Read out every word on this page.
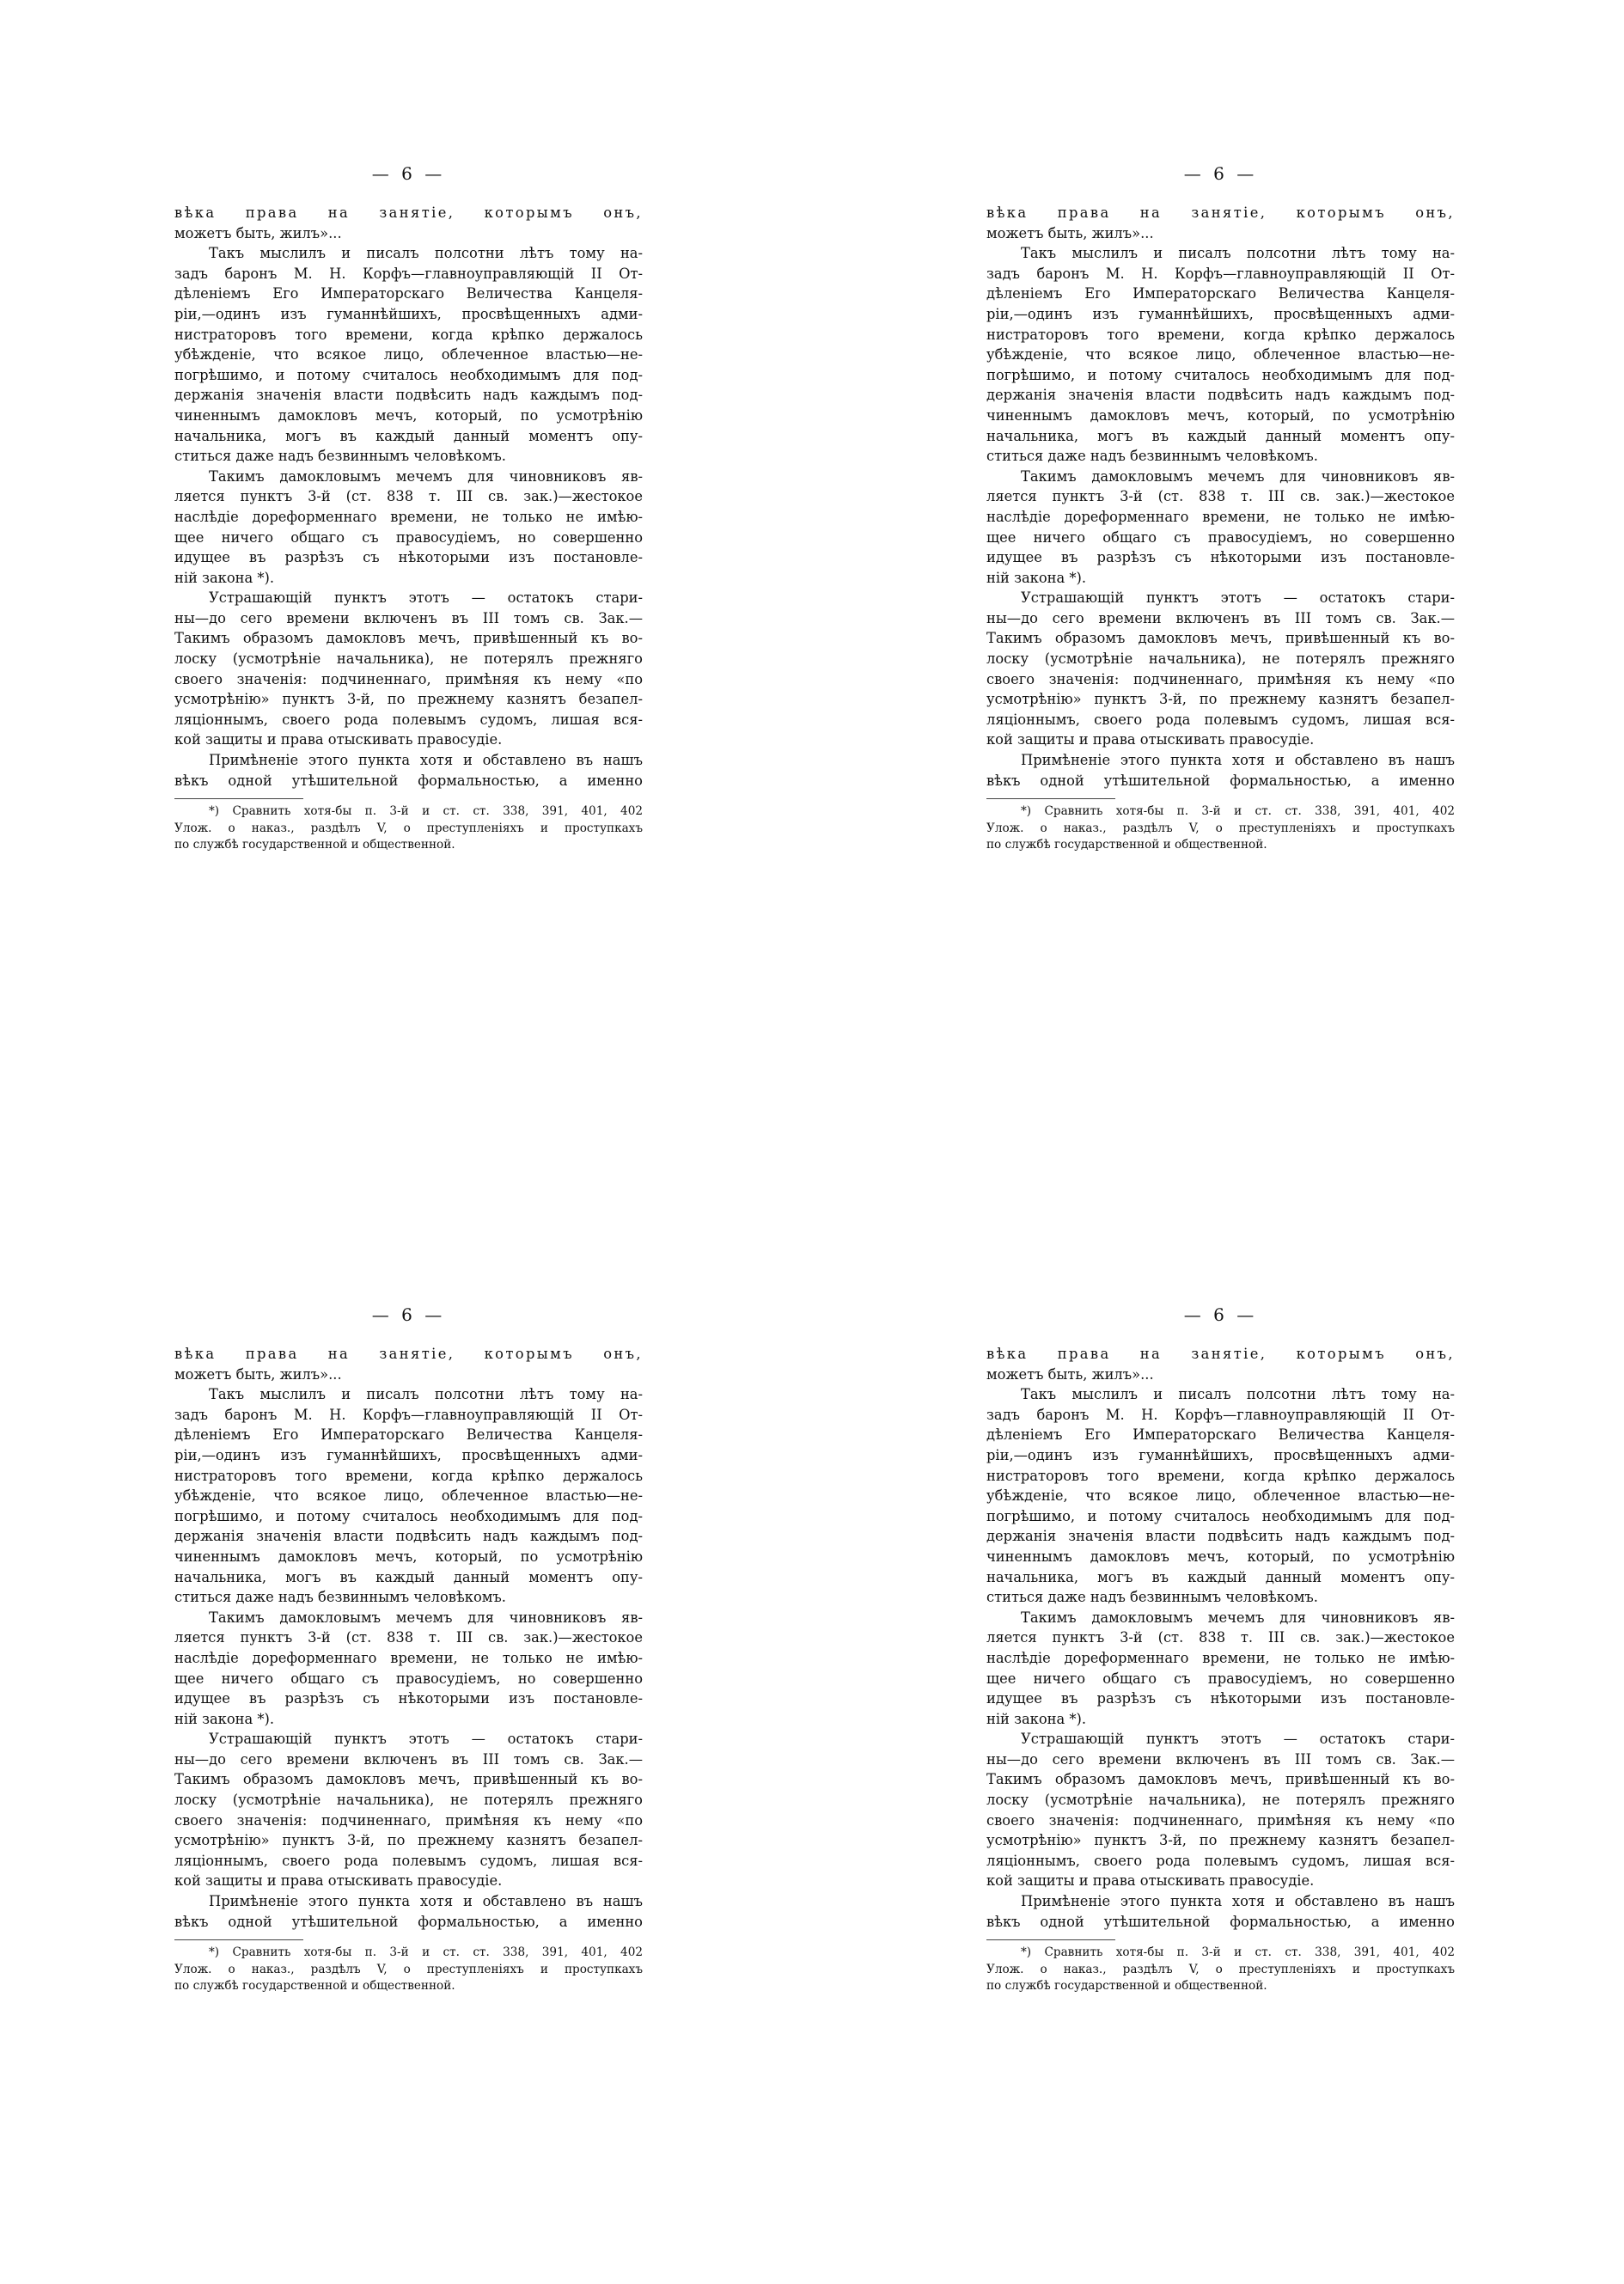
— 6 —
вѣка права на занятіе, которымъ онъ,
можетъ быть, жилъ»...
Такъ мыслилъ и писалъ полсотни лѣтъ тому на-
задъ баронъ М. Н. Корфъ—главноуправляющій II От-
дѣленіемъ Его Императорскаго Величества Канцеля-
ріи,—одинъ изъ гуманнѣйшихъ, просвѣщенныхъ адми-
нистраторовъ того времени, когда крѣпко держалось
убѣжденіе, что всякое лицо, облеченное властью—не-
погрѣшимо, и потому считалось необходимымъ для под-
держанія значенія власти подвѣсить надъ каждымъ под-
чиненнымъ дамокловъ мечъ, который, по усмотрѣнію
начальника, могъ въ каждый данный моментъ опу-
ститься даже надъ безвиннымъ человѣкомъ.
Такимъ дамокловымъ мечемъ для чиновниковъ яв-
ляется пунктъ 3-й (ст. 838 т. III св. зак.)—жестокое
наслѣдіе дореформеннаго времени, не только не имѣю-
щее ничего общаго съ правосудіемъ, но совершенно
идущее въ разрѣзъ съ нѣкоторыми изъ постановле-
ній закона *).
Устрашающій пунктъ этотъ — остатокъ стари-
ны—до сего времени включенъ въ III томъ св. Зак.—
Такимъ образомъ дамокловъ мечъ, привѣшенный къ во-
лоску (усмотрѣніе начальника), не потерялъ прежняго
своего значенія: подчиненнаго, примѣняя къ нему «по
усмотрѣнію» пунктъ 3-й, по прежнему казнятъ безапел-
ляціоннымъ, своего рода полевымъ судомъ, лишая вся-
кой защиты и права отыскивать правосудіе.
Примѣненіе этого пункта хотя и обставлено въ нашъ
вѣкъ одной утѣшительной формальностью, а именно
*) Сравнить хотя-бы п. 3-й и ст. ст. 338, 391, 401, 402
Улож. о наказ., раздѣлъ V, о преступленіяхъ и проступкахъ
по службѣ государственной и общественной.
— 6 —
вѣка права на занятіе, которымъ онъ,
можетъ быть, жилъ»...
Такъ мыслилъ и писалъ полсотни лѣтъ тому на-
задъ баронъ М. Н. Корфъ—главноуправляющій II От-
дѣленіемъ Его Императорскаго Величества Канцеля-
ріи,—одинъ изъ гуманнѣйшихъ, просвѣщенныхъ адми-
нистраторовъ того времени, когда крѣпко держалось
убѣжденіе, что всякое лицо, облеченное властью—не-
погрѣшимо, и потому считалось необходимымъ для под-
держанія значенія власти подвѣсить надъ каждымъ под-
чиненнымъ дамокловъ мечъ, который, по усмотрѣнію
начальника, могъ въ каждый данный моментъ опу-
ститься даже надъ безвиннымъ человѣкомъ.
Такимъ дамокловымъ мечемъ для чиновниковъ яв-
ляется пунктъ 3-й (ст. 838 т. III св. зак.)—жестокое
наслѣдіе дореформеннаго времени, не только не имѣю-
щее ничего общаго съ правосудіемъ, но совершенно
идущее въ разрѣзъ съ нѣкоторыми изъ постановле-
ній закона *).
Устрашающій пунктъ этотъ — остатокъ стари-
ны—до сего времени включенъ въ III томъ св. Зак.—
Такимъ образомъ дамокловъ мечъ, привѣшенный къ во-
лоску (усмотрѣніе начальника), не потерялъ прежняго
своего значенія: подчиненнаго, примѣняя къ нему «по
усмотрѣнію» пунктъ 3-й, по прежнему казнятъ безапел-
ляціоннымъ, своего рода полевымъ судомъ, лишая вся-
кой защиты и права отыскивать правосудіе.
Примѣненіе этого пункта хотя и обставлено въ нашъ
вѣкъ одной утѣшительной формальностью, а именно
*) Сравнить хотя-бы п. 3-й и ст. ст. 338, 391, 401, 402
Улож. о наказ., раздѣлъ V, о преступленіяхъ и проступкахъ
по службѣ государственной и общественной.
— 6 —
вѣка права на занятіе, которымъ онъ,
можетъ быть, жилъ»...
Такъ мыслилъ и писалъ полсотни лѣтъ тому на-
задъ баронъ М. Н. Корфъ—главноуправляющій II От-
дѣленіемъ Его Императорскаго Величества Канцеля-
ріи,—одинъ изъ гуманнѣйшихъ, просвѣщенныхъ адми-
нистраторовъ того времени, когда крѣпко держалось
убѣжденіе, что всякое лицо, облеченное властью—не-
погрѣшимо, и потому считалось необходимымъ для под-
держанія значенія власти подвѣсить надъ каждымъ под-
чиненнымъ дамокловъ мечъ, который, по усмотрѣнію
начальника, могъ въ каждый данный моментъ опу-
ститься даже надъ безвиннымъ человѣкомъ.
Такимъ дамокловымъ мечемъ для чиновниковъ яв-
ляется пунктъ 3-й (ст. 838 т. III св. зак.)—жестокое
наслѣдіе дореформеннаго времени, не только не имѣю-
щее ничего общаго съ правосудіемъ, но совершенно
идущее въ разрѣзъ съ нѣкоторыми изъ постановле-
ній закона *).
Устрашающій пунктъ этотъ — остатокъ стари-
ны—до сего времени включенъ въ III томъ св. Зак.—
Такимъ образомъ дамокловъ мечъ, привѣшенный къ во-
лоску (усмотрѣніе начальника), не потерялъ прежняго
своего значенія: подчиненнаго, примѣняя къ нему «по
усмотрѣнію» пунктъ 3-й, по прежнему казнятъ безапел-
ляціоннымъ, своего рода полевымъ судомъ, лишая вся-
кой защиты и права отыскивать правосудіе.
Примѣненіе этого пункта хотя и обставлено въ нашъ
вѣкъ одной утѣшительной формальностью, а именно
*) Сравнить хотя-бы п. 3-й и ст. ст. 338, 391, 401, 402
Улож. о наказ., раздѣлъ V, о преступленіяхъ и проступкахъ
по службѣ государственной и общественной.
— 6 —
вѣка права на занятіе, которымъ онъ,
можетъ быть, жилъ»...
Такъ мыслилъ и писалъ полсотни лѣтъ тому на-
задъ баронъ М. Н. Корфъ—главноуправляющій II От-
дѣленіемъ Его Императорскаго Величества Канцеля-
ріи,—одинъ изъ гуманнѣйшихъ, просвѣщенныхъ адми-
нистраторовъ того времени, когда крѣпко держалось
убѣжденіе, что всякое лицо, облеченное властью—не-
погрѣшимо, и потому считалось необходимымъ для под-
держанія значенія власти подвѣсить надъ каждымъ под-
чиненнымъ дамокловъ мечъ, который, по усмотрѣнію
начальника, могъ въ каждый данный моментъ опу-
ститься даже надъ безвиннымъ человѣкомъ.
Такимъ дамокловымъ мечемъ для чиновниковъ яв-
ляется пунктъ 3-й (ст. 838 т. III св. зак.)—жестокое
наслѣдіе дореформеннаго времени, не только не имѣю-
щее ничего общаго съ правосудіемъ, но совершенно
идущее въ разрѣзъ съ нѣкоторыми изъ постановле-
ній закона *).
Устрашающій пунктъ этотъ — остатокъ стари-
ны—до сего времени включенъ въ III томъ св. Зак.—
Такимъ образомъ дамокловъ мечъ, привѣшенный къ во-
лоску (усмотрѣніе начальника), не потерялъ прежняго
своего значенія: подчиненнаго, примѣняя къ нему «по
усмотрѣнію» пунктъ 3-й, по прежнему казнятъ безапел-
ляціоннымъ, своего рода полевымъ судомъ, лишая вся-
кой защиты и права отыскивать правосудіе.
Примѣненіе этого пункта хотя и обставлено въ нашъ
вѣкъ одной утѣшительной формальностью, а именно
*) Сравнить хотя-бы п. 3-й и ст. ст. 338, 391, 401, 402
Улож. о наказ., раздѣлъ V, о преступленіяхъ и проступкахъ
по службѣ государственной и общественной.
